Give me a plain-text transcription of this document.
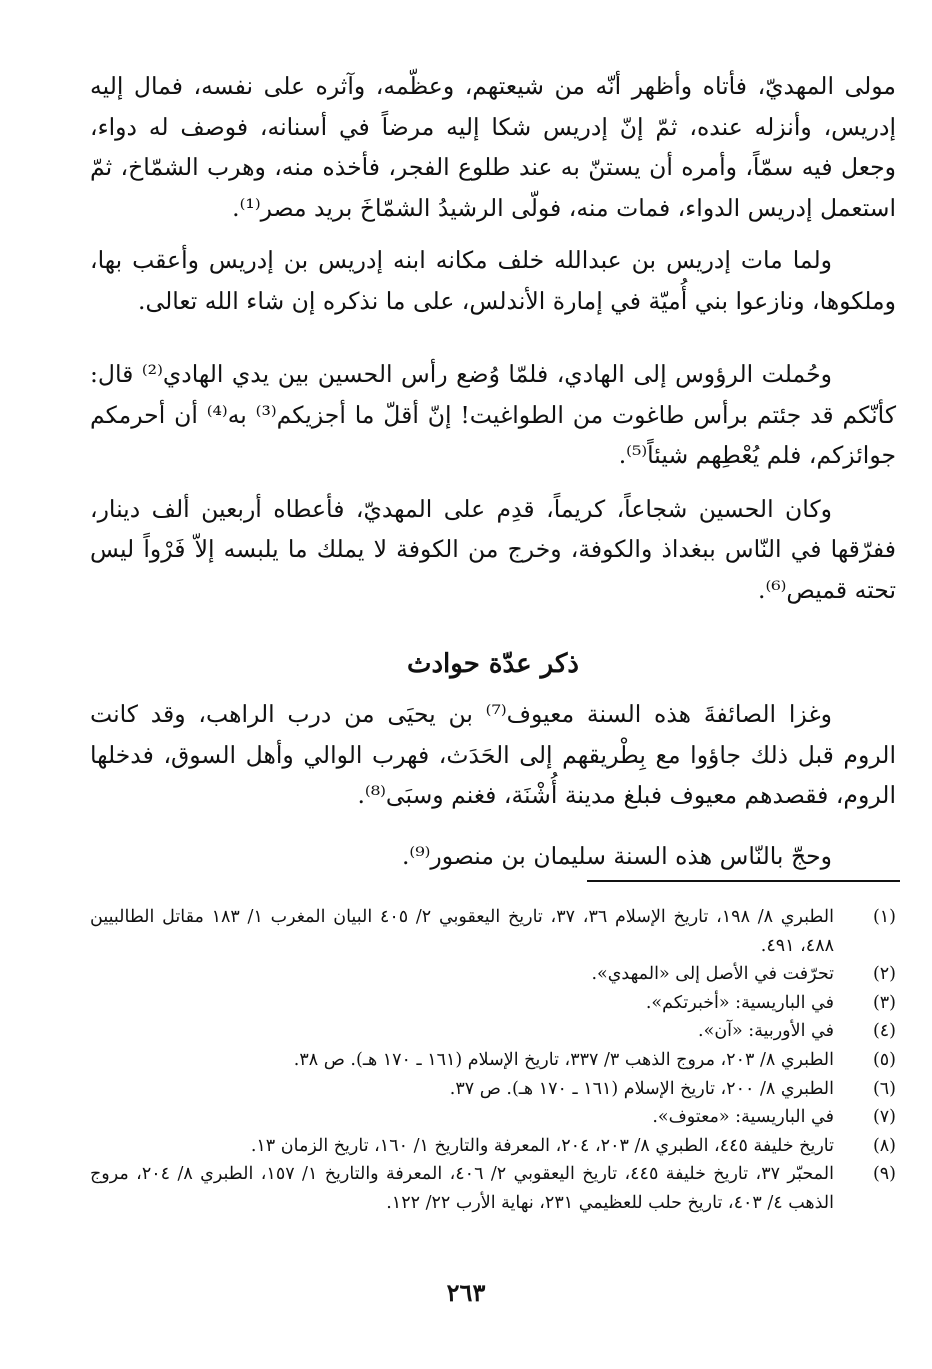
مولى المهديّ، فأتاه وأظهر أنّه من شيعتهم، وعظّمه، وآثره على نفسه، فمال إليه إدريس، وأنزله عنده، ثمّ إنّ إدريس شكا إليه مرضاً في أسنانه، فوصف له دواء، وجعل فيه سمّاً، وأمره أن يستنّ به عند طلوع الفجر، فأخذه منه، وهرب الشمّاخ، ثمّ استعمل إدريس الدواء، فمات منه، فولّى الرشيدُ الشمّاخَ بريد مصر⁽¹⁾.

ولما مات إدريس بن عبدالله خلف مكانه ابنه إدريس بن إدريس وأعقب بها، وملكوها، ونازعوا بني أُميّة في إمارة الأندلس، على ما نذكره إن شاء الله تعالى.

وحُملت الرؤوس إلى الهادي، فلمّا وُضع رأس الحسين بين يدي الهادي⁽²⁾ قال: كأنّكم قد جئتم برأس طاغوت من الطواغيت! إنّ أقلّ ما أجزيكم⁽³⁾ به⁽⁴⁾ أن أحرمكم جوائزكم، فلم يُعْطِهم شيئاً⁽⁵⁾.

وكان الحسين شجاعاً، كريماً، قدِم على المهديّ، فأعطاه أربعين ألف دينار، ففرّقها في النّاس ببغداذ والكوفة، وخرج من الكوفة لا يملك ما يلبسه إلاّ فَرْواً ليس تحته قميص⁽⁶⁾.

ذكر عدّة حوادث

وغزا الصائفةَ هذه السنة معيوف⁽⁷⁾ بن يحيَى من درب الراهب، وقد كانت الروم قبل ذلك جاؤوا مع بِطْريقهم إلى الحَدَث، فهرب الوالي وأهل السوق، فدخلها الروم، فقصدهم معيوف فبلغ مدينة أُشْنَة، فغنم وسبَى⁽⁸⁾.

وحجّ بالنّاس هذه السنة سليمان بن منصور⁽⁹⁾.

(١)
الطبري ٨/ ١٩٨، تاريخ الإسلام ٣٦، ٣٧، تاريخ اليعقوبي ٢/ ٤٠٥ البيان المغرب ١/ ١٨٣ مقاتل الطالبيين ٤٨٨، ٤٩١.
(٢)
تحرّفت في الأصل إلى «المهدي».
(٣)
في الباريسية: «أخبرتكم».
(٤)
في الأوربية: «آن».
(٥)
الطبري ٨/ ٢٠٣، مروج الذهب ٣/ ٣٣٧، تاريخ الإسلام (١٦١ ـ ١٧٠ هـ). ص ٣٨.
(٦)
الطبري ٨/ ٢٠٠، تاريخ الإسلام (١٦١ ـ ١٧٠ هـ). ص ٣٧.
(٧)
في الباريسية: «معتوف».
(٨)
تاريخ خليفة ٤٤٥، الطبري ٨/ ٢٠٣، ٢٠٤، المعرفة والتاريخ ١/ ١٦٠، تاريخ الزمان ١٣.
(٩)
المحبّر ٣٧، تاريخ خليفة ٤٤٥، تاريخ اليعقوبي ٢/ ٤٠٦، المعرفة والتاريخ ١/ ١٥٧، الطبري ٨/ ٢٠٤، مروج الذهب ٤/ ٤٠٣، تاريخ حلب للعظيمي ٢٣١، نهاية الأرب ٢٢/ ١٢٢.
٢٦٣
